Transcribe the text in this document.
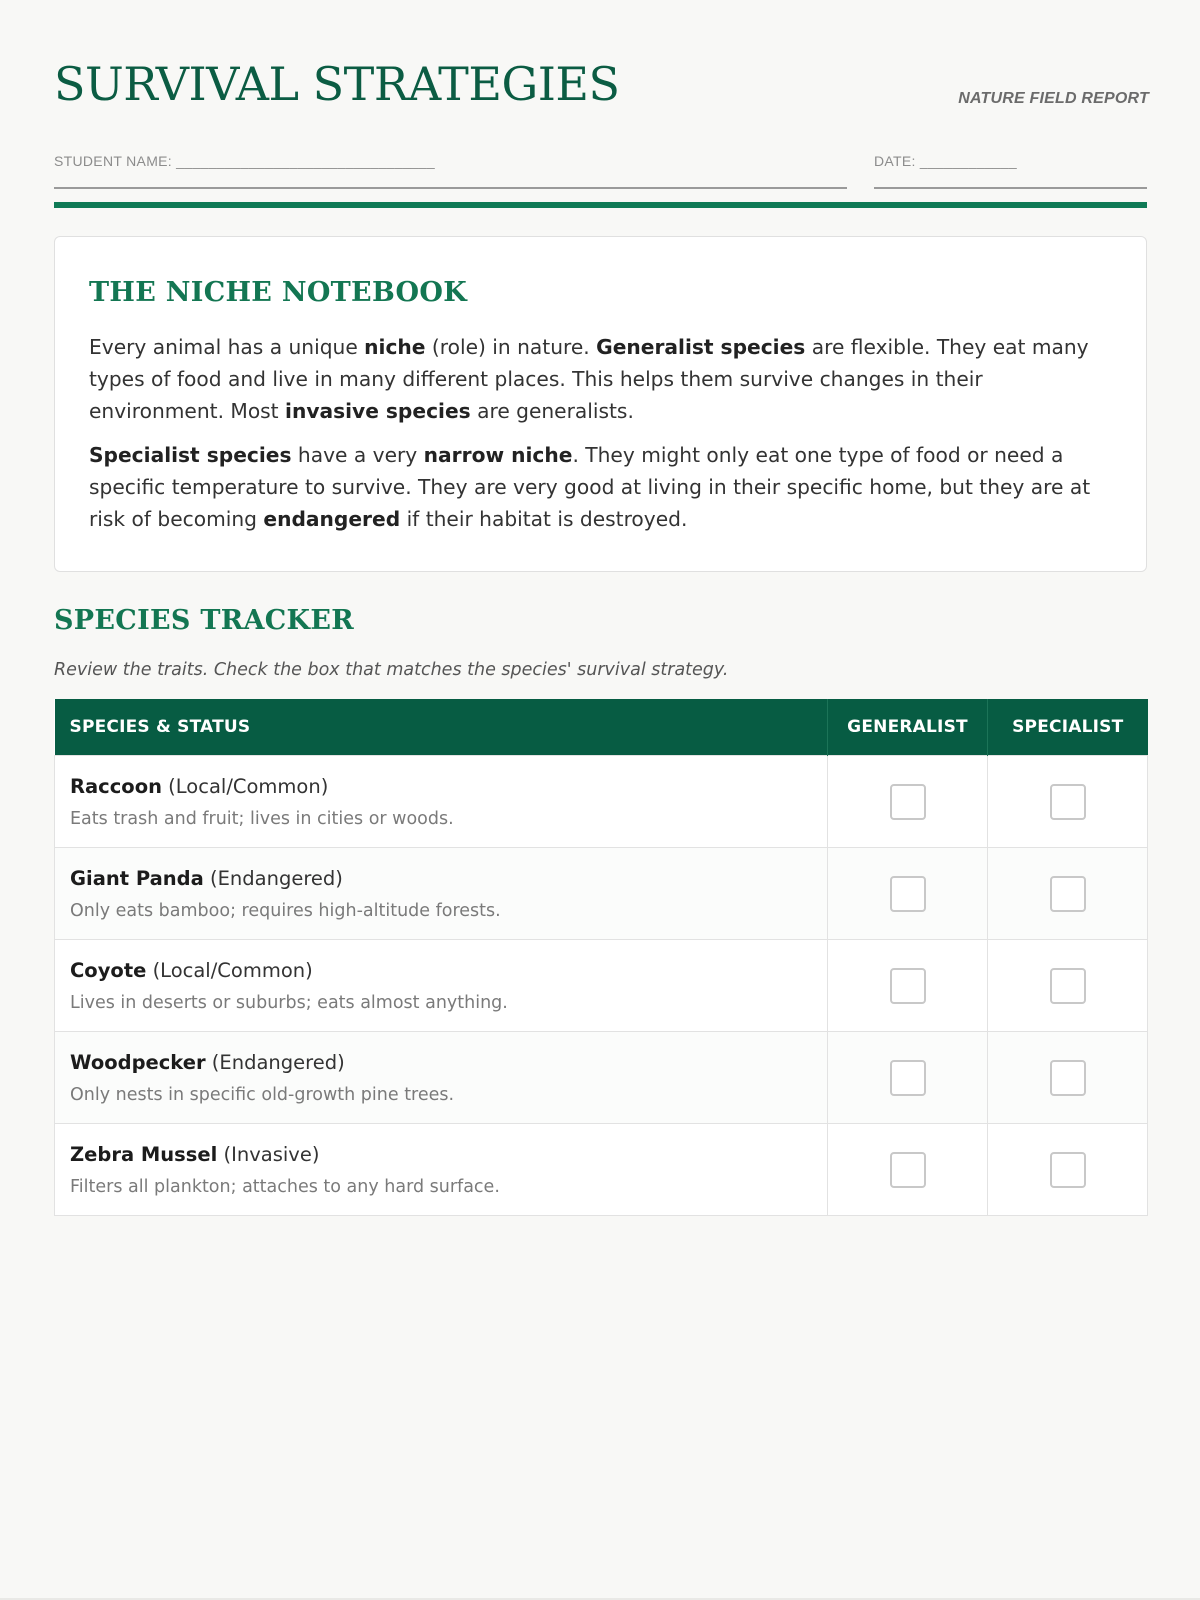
SURVIVAL STRATEGIES	NATURE FIELD REPORT
STUDENT NAME: ________________________________	DATE: ____________
THE NICHE NOTEBOOK

Every animal has a unique niche (role) in nature. Generalist species are flexible. They eat many types of food and live in many different places. This helps them survive changes in their environment. Most invasive species are generalists.

Specialist species have a very narrow niche. They might only eat one type of food or need a specific temperature to survive. They are very good at living in their specific home, but they are at risk of becoming endangered if their habitat is destroyed.

SPECIES TRACKER
Review the traits. Check the box that matches the species' survival strategy.
SPECIES & STATUS	GENERALIST	SPECIALIST

Raccoon (Local/Common)
Eats trash and fruit; lives in cities or woods.		

Giant Panda (Endangered)
Only eats bamboo; requires high-altitude forests.		

Coyote (Local/Common)
Lives in deserts or suburbs; eats almost anything.		

Woodpecker (Endangered)
Only nests in specific old-growth pine trees.		

Zebra Mussel (Invasive)
Filters all plankton; attaches to any hard surface.		
